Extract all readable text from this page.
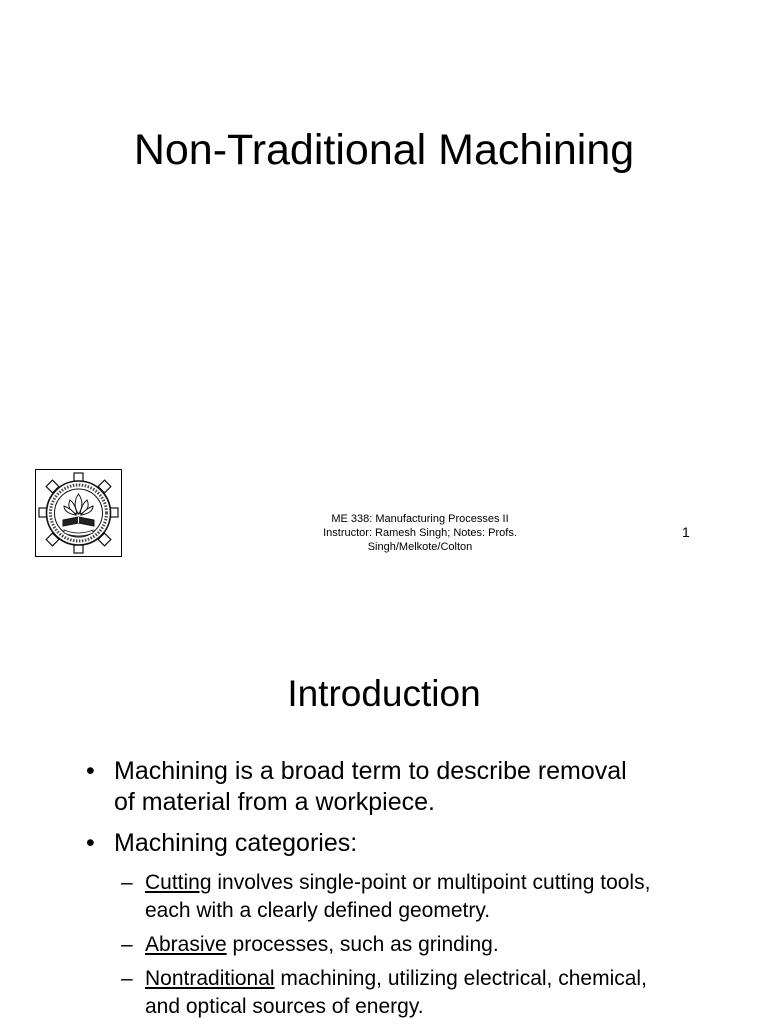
Non-Traditional Machining
ME 338: Manufacturing Processes II
Instructor: Ramesh Singh; Notes: Profs.
Singh/Melkote/Colton
1
Introduction
• Machining is a broad term to describe removal of material from a workpiece.
• Machining categories:
– Cutting involves single-point or multipoint cutting tools, each with a clearly defined geometry.
– Abrasive processes, such as grinding.
– Nontraditional machining, utilizing electrical, chemical, and optical sources of energy.
